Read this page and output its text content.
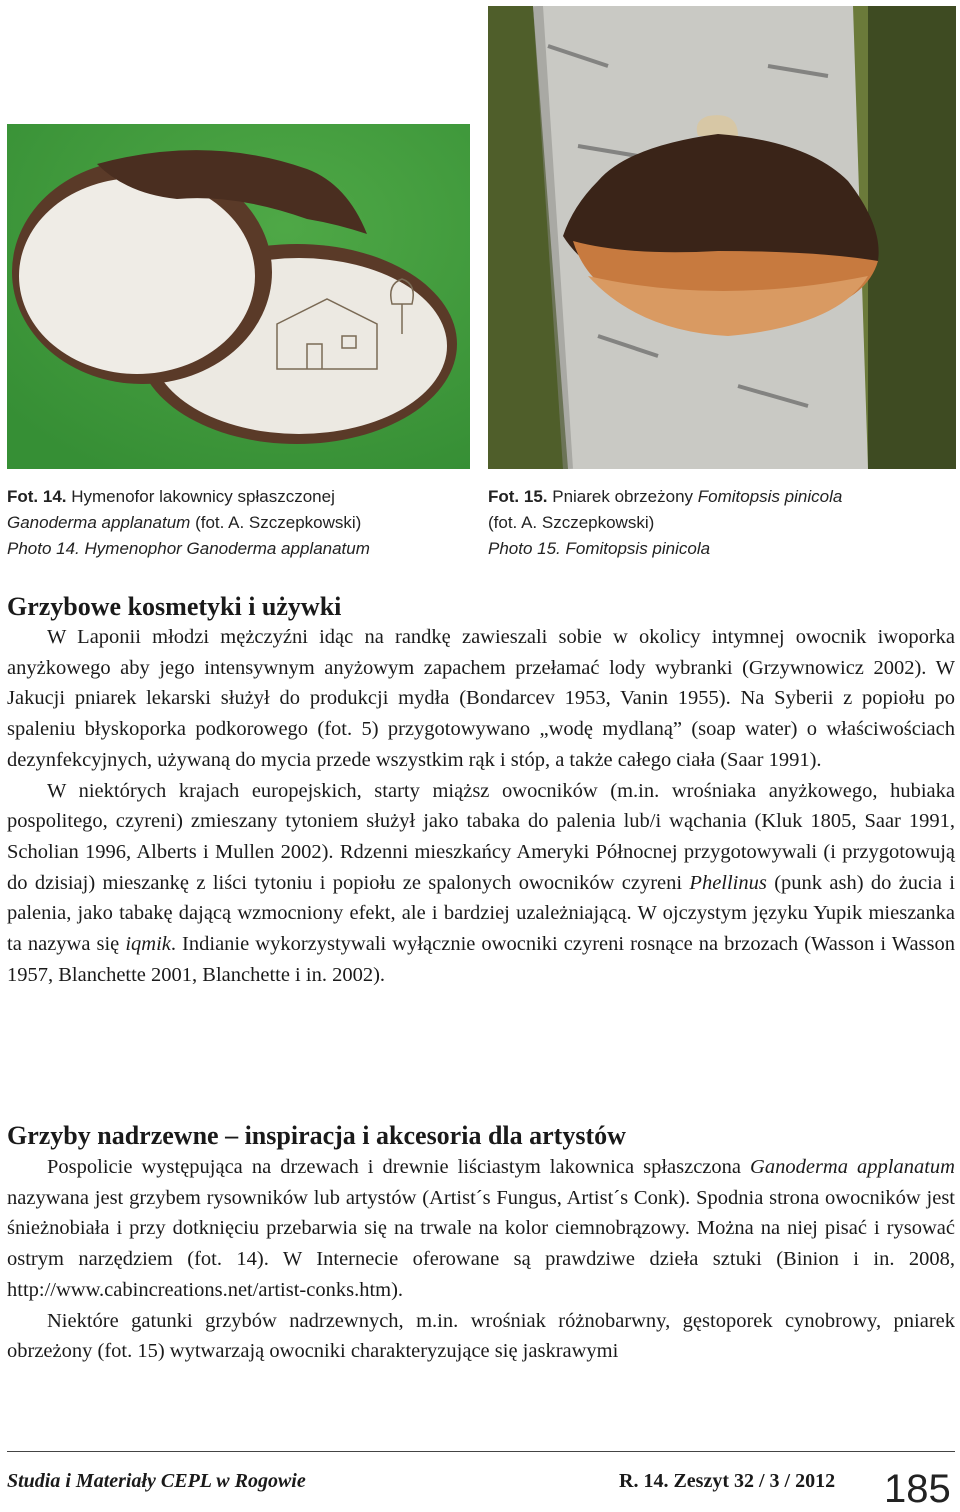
Fot. 14. Hymenofor lakownicy spłaszczonej
Ganoderma applanatum (fot. A. Szczepkowski)
Photo 14. Hymenophor Ganoderma applanatum
Fot. 15. Pniarek obrzeżony Fomitopsis pinicola
(fot. A. Szczepkowski)
Photo 15. Fomitopsis pinicola
Grzybowe kosmetyki i używki

W Laponii młodzi mężczyźni idąc na randkę zawieszali sobie w okolicy intymnej owocnik iwoporka anyżkowego aby jego intensywnym anyżowym zapachem przełamać lody wybranki (Grzywnowicz 2002). W Jakucji pniarek lekarski służył do produkcji mydła (Bondarcev 1953, Vanin 1955). Na Syberii z popiołu po spaleniu błyskoporka podkorowego (fot. 5) przygotowywano „wodę mydlaną” (soap water) o właściwościach dezynfekcyjnych, używaną do mycia przede wszystkim rąk i stóp, a także całego ciała (Saar 1991).

W niektórych krajach europejskich, starty miąższ owocników (m.in. wrośniaka anyżkowego, hubiaka pospolitego, czyreni) zmieszany tytoniem służył jako tabaka do palenia lub/i wąchania (Kluk 1805, Saar 1991, Scholian 1996, Alberts i Mullen 2002). Rdzenni mieszkańcy Ameryki Północnej przygotowywali (i przygotowują do dzisiaj) mieszankę z liści tytoniu i popiołu ze spalonych owocników czyreni Phellinus (punk ash) do żucia i palenia, jako tabakę dającą wzmocniony efekt, ale i bardziej uzależniającą. W ojczystym języku Yupik mieszanka ta nazywa się iqmik. Indianie wykorzystywali wyłącznie owocniki czyreni rosnące na brzozach (Wasson i Wasson 1957, Blanchette 2001, Blanchette i in. 2002).

Grzyby nadrzewne – inspiracja i akcesoria dla artystów

Pospolicie występująca na drzewach i drewnie liściastym lakownica spłaszczona Ganoderma applanatum nazywana jest grzybem rysowników lub artystów (Artist´s Fungus, Artist´s Conk). Spodnia strona owocników jest śnieżnobiała i przy dotknięciu przebarwia się na trwale na kolor ciemnobrązowy. Można na niej pisać i rysować ostrym narzędziem (fot. 14). W Internecie oferowane są prawdziwe dzieła sztuki (Binion i in. 2008, http://www.cabincreations.net/artist-conks.htm).

Niektóre gatunki grzybów nadrzewnych, m.in. wrośniak różnobarwny, gęstoporek cynobrowy, pniarek obrzeżony (fot. 15) wytwarzają owocniki charakteryzujące się jaskrawymi

Studia i Materiały CEPL w Rogowie	R. 14. Zeszyt 32 / 3 / 2012 185
